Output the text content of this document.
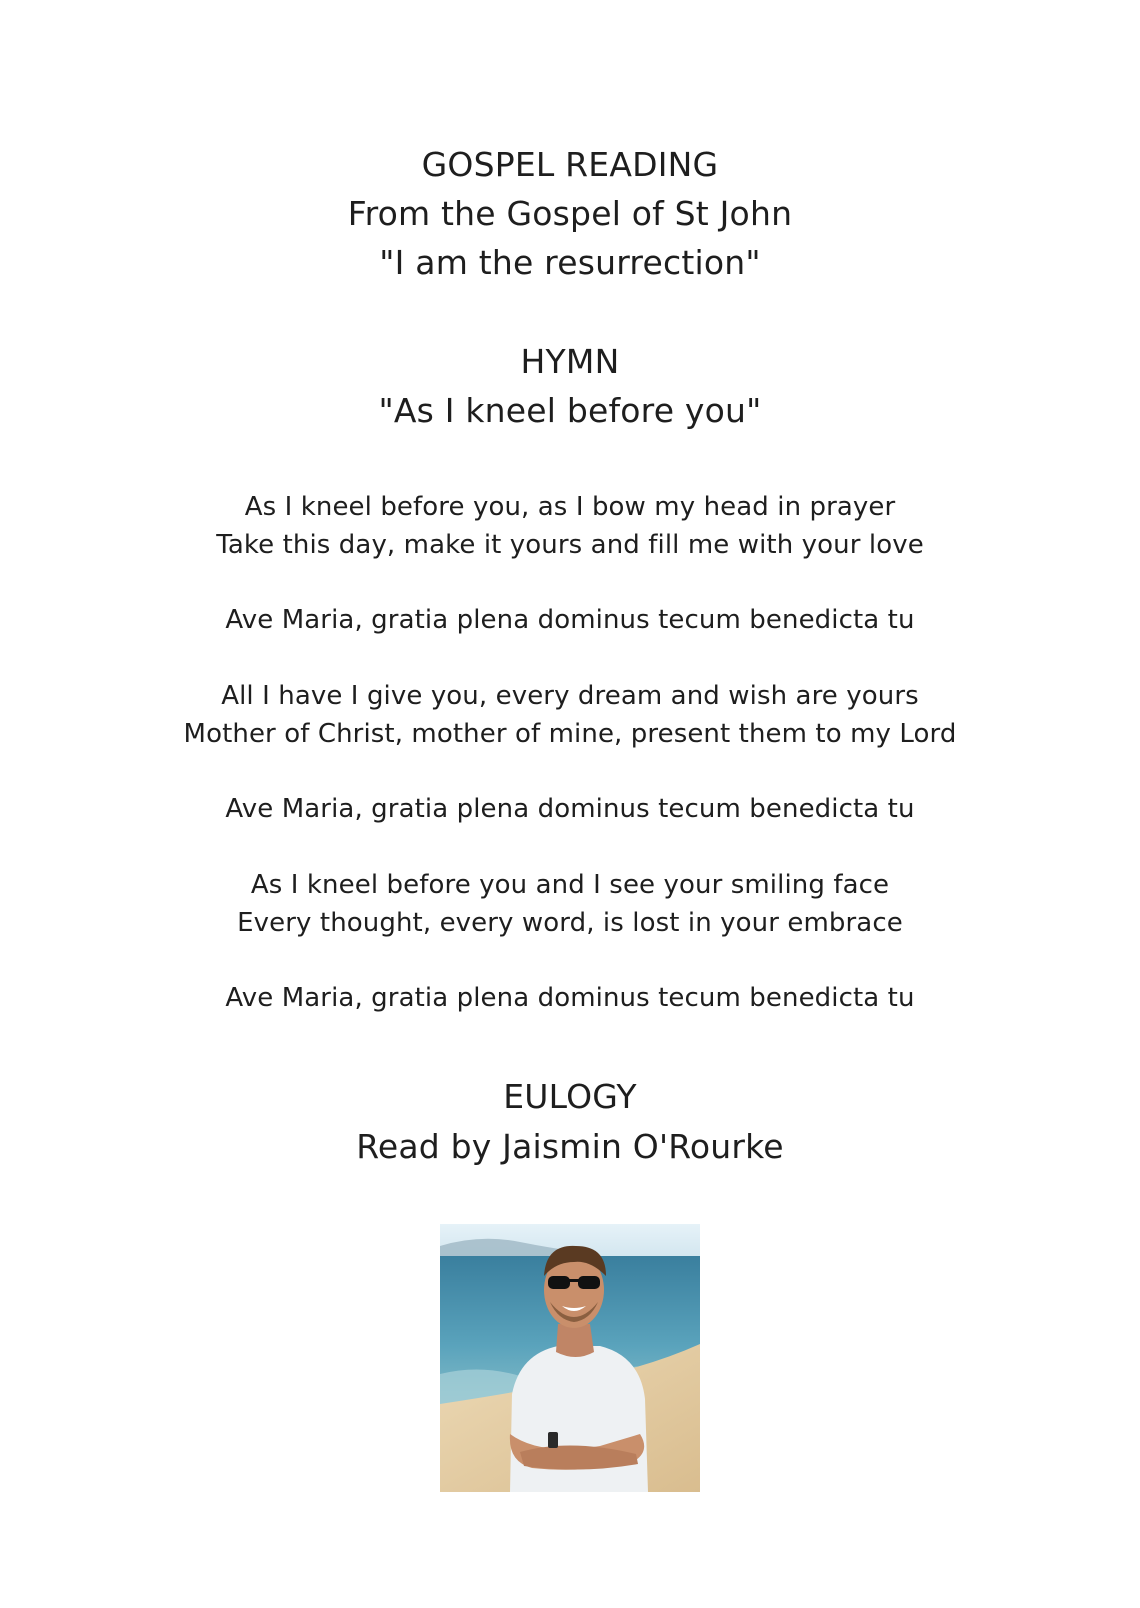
GOSPEL READING

From the Gospel of St John

"I am the resurrection"

HYMN

"As I kneel before you"

As I kneel before you, as I bow my head in prayer

Take this day, make it yours and fill me with your love

Ave Maria, gratia plena dominus tecum benedicta tu

All I have I give you, every dream and wish are yours

Mother of Christ, mother of mine, present them to my Lord

Ave Maria, gratia plena dominus tecum benedicta tu

As I kneel before you and I see your smiling face

Every thought, every word, is lost in your embrace

Ave Maria, gratia plena dominus tecum benedicta tu

EULOGY

Read by Jaismin O'Rourke
